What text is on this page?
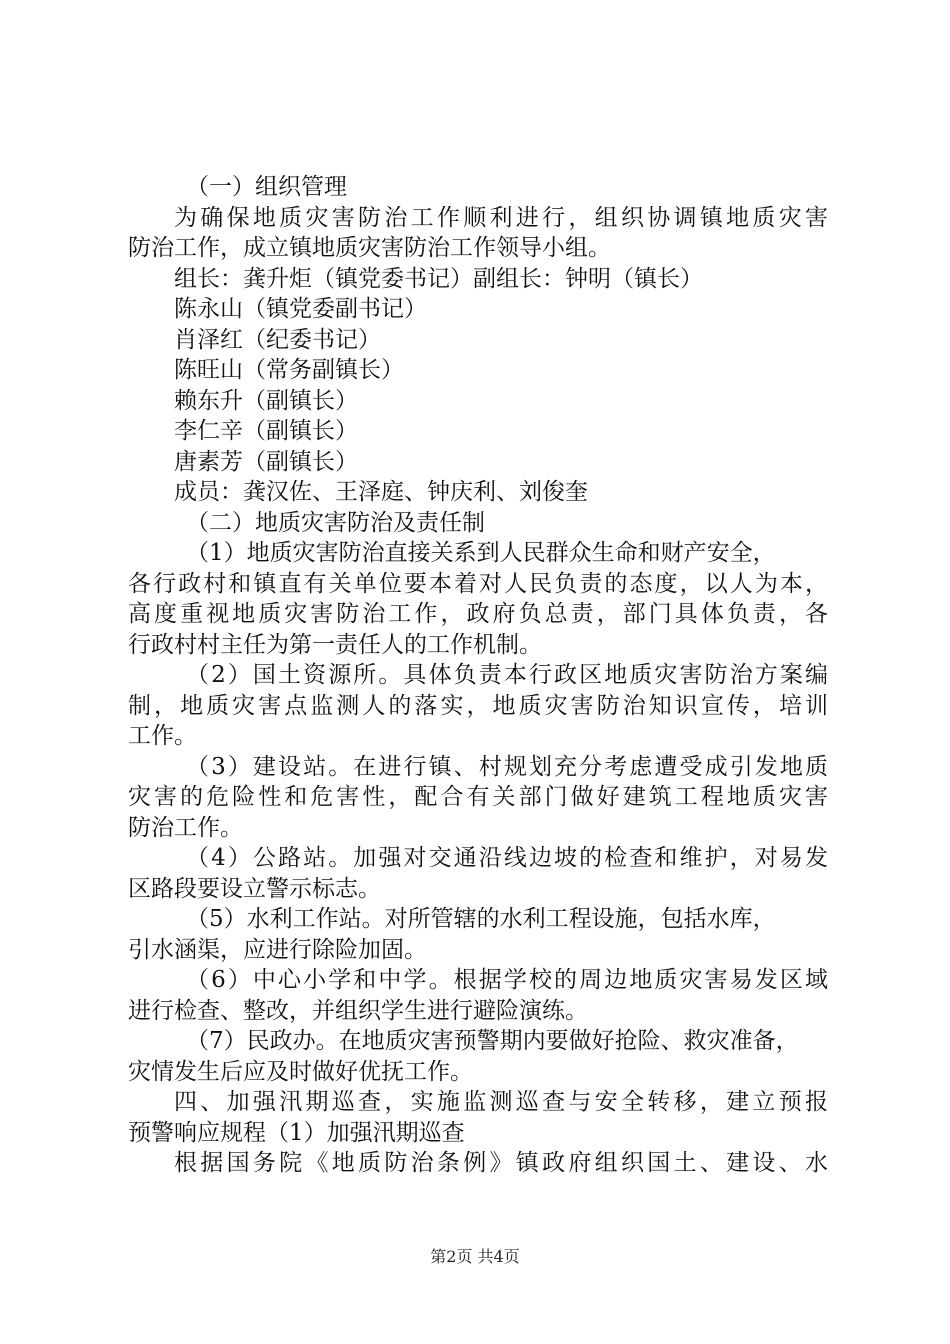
（一）组织管理
为确保地质灾害防治工作顺利进行，组织协调镇地质灾害
防治工作，成立镇地质灾害防治工作领导小组。
组长：龚升炬（镇党委书记）副组长：钟明（镇长）
陈永山（镇党委副书记）
肖泽红（纪委书记）
陈旺山（常务副镇长）
赖东升（副镇长）
李仁辛（副镇长）
唐素芳（副镇长）
成员：龚汉佐、王泽庭、钟庆利、刘俊奎
（二）地质灾害防治及责任制
（1）地质灾害防治直接关系到人民群众生命和财产安全，
各行政村和镇直有关单位要本着对人民负责的态度，以人为本，
高度重视地质灾害防治工作，政府负总责，部门具体负责，各
行政村村主任为第一责任人的工作机制。
（2）国土资源所。具体负责本行政区地质灾害防治方案编
制，地质灾害点监测人的落实，地质灾害防治知识宣传，培训
工作。
（3）建设站。在进行镇、村规划充分考虑遭受成引发地质
灾害的危险性和危害性，配合有关部门做好建筑工程地质灾害
防治工作。
（4）公路站。加强对交通沿线边坡的检查和维护，对易发
区路段要设立警示标志。
（5）水利工作站。对所管辖的水利工程设施，包括水库，
引水涵渠，应进行除险加固。
（6）中心小学和中学。根据学校的周边地质灾害易发区域
进行检查、整改，并组织学生进行避险演练。
（7）民政办。在地质灾害预警期内要做好抢险、救灾准备，
灾情发生后应及时做好优抚工作。
四、加强汛期巡查，实施监测巡查与安全转移，建立预报
预警响应规程（1）加强汛期巡查
根据国务院《地质防治条例》镇政府组织国土、建设、水
第2页 共4页
